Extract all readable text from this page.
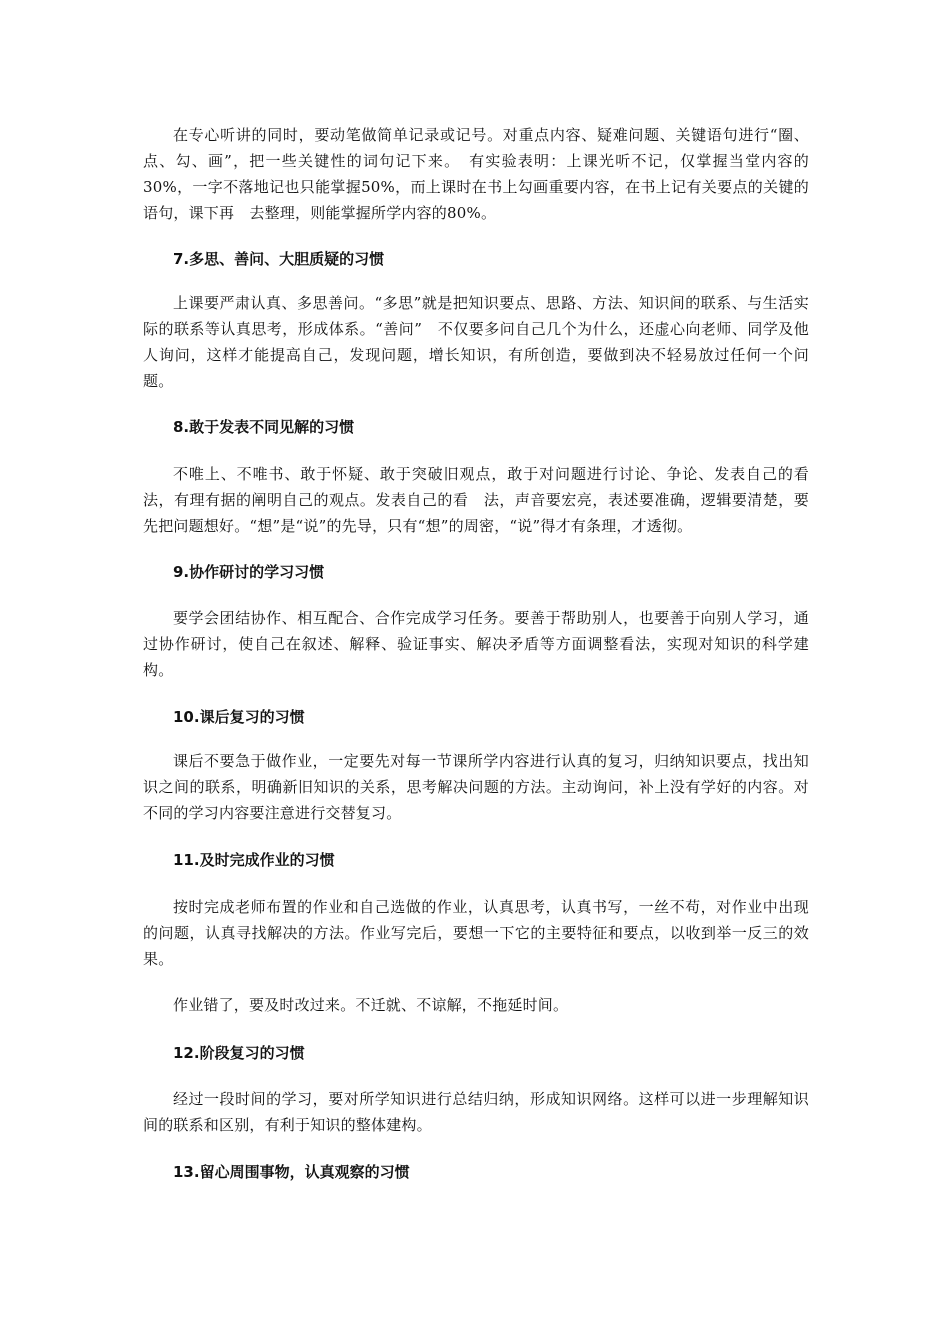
在专心听讲的同时，要动笔做简单记录或记号。对重点内容、疑难问题、关键语句进行“圈、点、勾、画”，把一些关键性的词句记下来。　有实验表明：上课光听不记，仅掌握当堂内容的30%，一字不落地记也只能掌握50%，而上课时在书上勾画重要内容，在书上记有关要点的关键的语句，课下再　去整理，则能掌握所学内容的80%。

7.多思、善问、大胆质疑的习惯

上课要严肃认真、多思善问。“多思”就是把知识要点、思路、方法、知识间的联系、与生活实际的联系等认真思考，形成体系。“善问”　不仅要多问自己几个为什么，还虚心向老师、同学及他人询问，这样才能提高自己，发现问题，增长知识，有所创造，要做到决不轻易放过任何一个问题。

8.敢于发表不同见解的习惯

不唯上、不唯书、敢于怀疑、敢于突破旧观点，敢于对问题进行讨论、争论、发表自己的看法，有理有据的阐明自己的观点。发表自己的看　法，声音要宏亮，表述要准确，逻辑要清楚，要先把问题想好。“想”是“说”的先导，只有“想”的周密，“说”得才有条理，才透彻。

9.协作研讨的学习习惯

要学会团结协作、相互配合、合作完成学习任务。要善于帮助别人，也要善于向别人学习，通过协作研讨，使自己在叙述、解释、验证事实、解决矛盾等方面调整看法，实现对知识的科学建构。

10.课后复习的习惯

课后不要急于做作业，一定要先对每一节课所学内容进行认真的复习，归纳知识要点，找出知识之间的联系，明确新旧知识的关系，思考解决问题的方法。主动询问，补上没有学好的内容。对不同的学习内容要注意进行交替复习。

11.及时完成作业的习惯

按时完成老师布置的作业和自己选做的作业，认真思考，认真书写，一丝不苟，对作业中出现的问题，认真寻找解决的方法。作业写完后，要想一下它的主要特征和要点，以收到举一反三的效果。

作业错了，要及时改过来。不迁就、不谅解，不拖延时间。

12.阶段复习的习惯

经过一段时间的学习，要对所学知识进行总结归纳，形成知识网络。这样可以进一步理解知识间的联系和区别，有利于知识的整体建构。

13.留心周围事物，认真观察的习惯
